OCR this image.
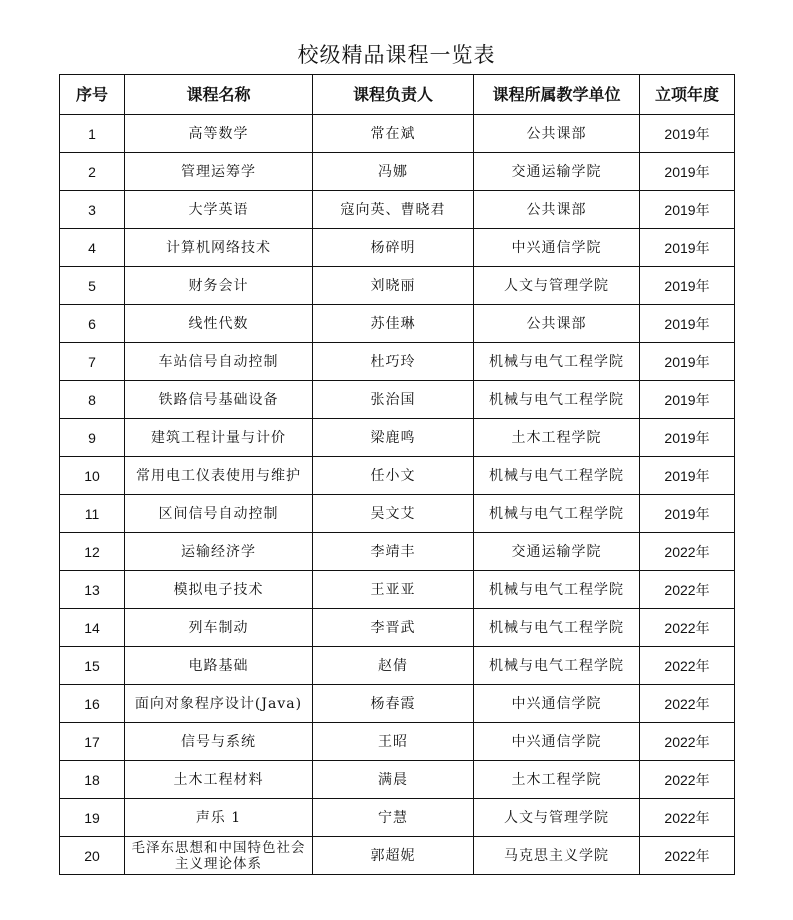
校级精品课程一览表
序号	课程名称	课程负责人	课程所属教学单位	立项年度
1	高等数学	常在斌	公共课部	2019年
2	管理运筹学	冯娜	交通运输学院	2019年
3	大学英语	寇向英、曹晓君	公共课部	2019年
4	计算机网络技术	杨碎明	中兴通信学院	2019年
5	财务会计	刘晓丽	人文与管理学院	2019年
6	线性代数	苏佳琳	公共课部	2019年
7	车站信号自动控制	杜巧玲	机械与电气工程学院	2019年
8	铁路信号基础设备	张治国	机械与电气工程学院	2019年
9	建筑工程计量与计价	梁鹿鸣	土木工程学院	2019年
10	常用电工仪表使用与维护	任小文	机械与电气工程学院	2019年
11	区间信号自动控制	吴文艾	机械与电气工程学院	2019年
12	运输经济学	李靖丰	交通运输学院	2022年
13	模拟电子技术	王亚亚	机械与电气工程学院	2022年
14	列车制动	李晋武	机械与电气工程学院	2022年
15	电路基础	赵倩	机械与电气工程学院	2022年
16	面向对象程序设计(Java)	杨春霞	中兴通信学院	2022年
17	信号与系统	王昭	中兴通信学院	2022年
18	土木工程材料	满晨	土木工程学院	2022年
19	声乐 1	宁慧	人文与管理学院	2022年
20	毛泽东思想和中国特色社会主义理论体系	郭超妮	马克思主义学院	2022年
